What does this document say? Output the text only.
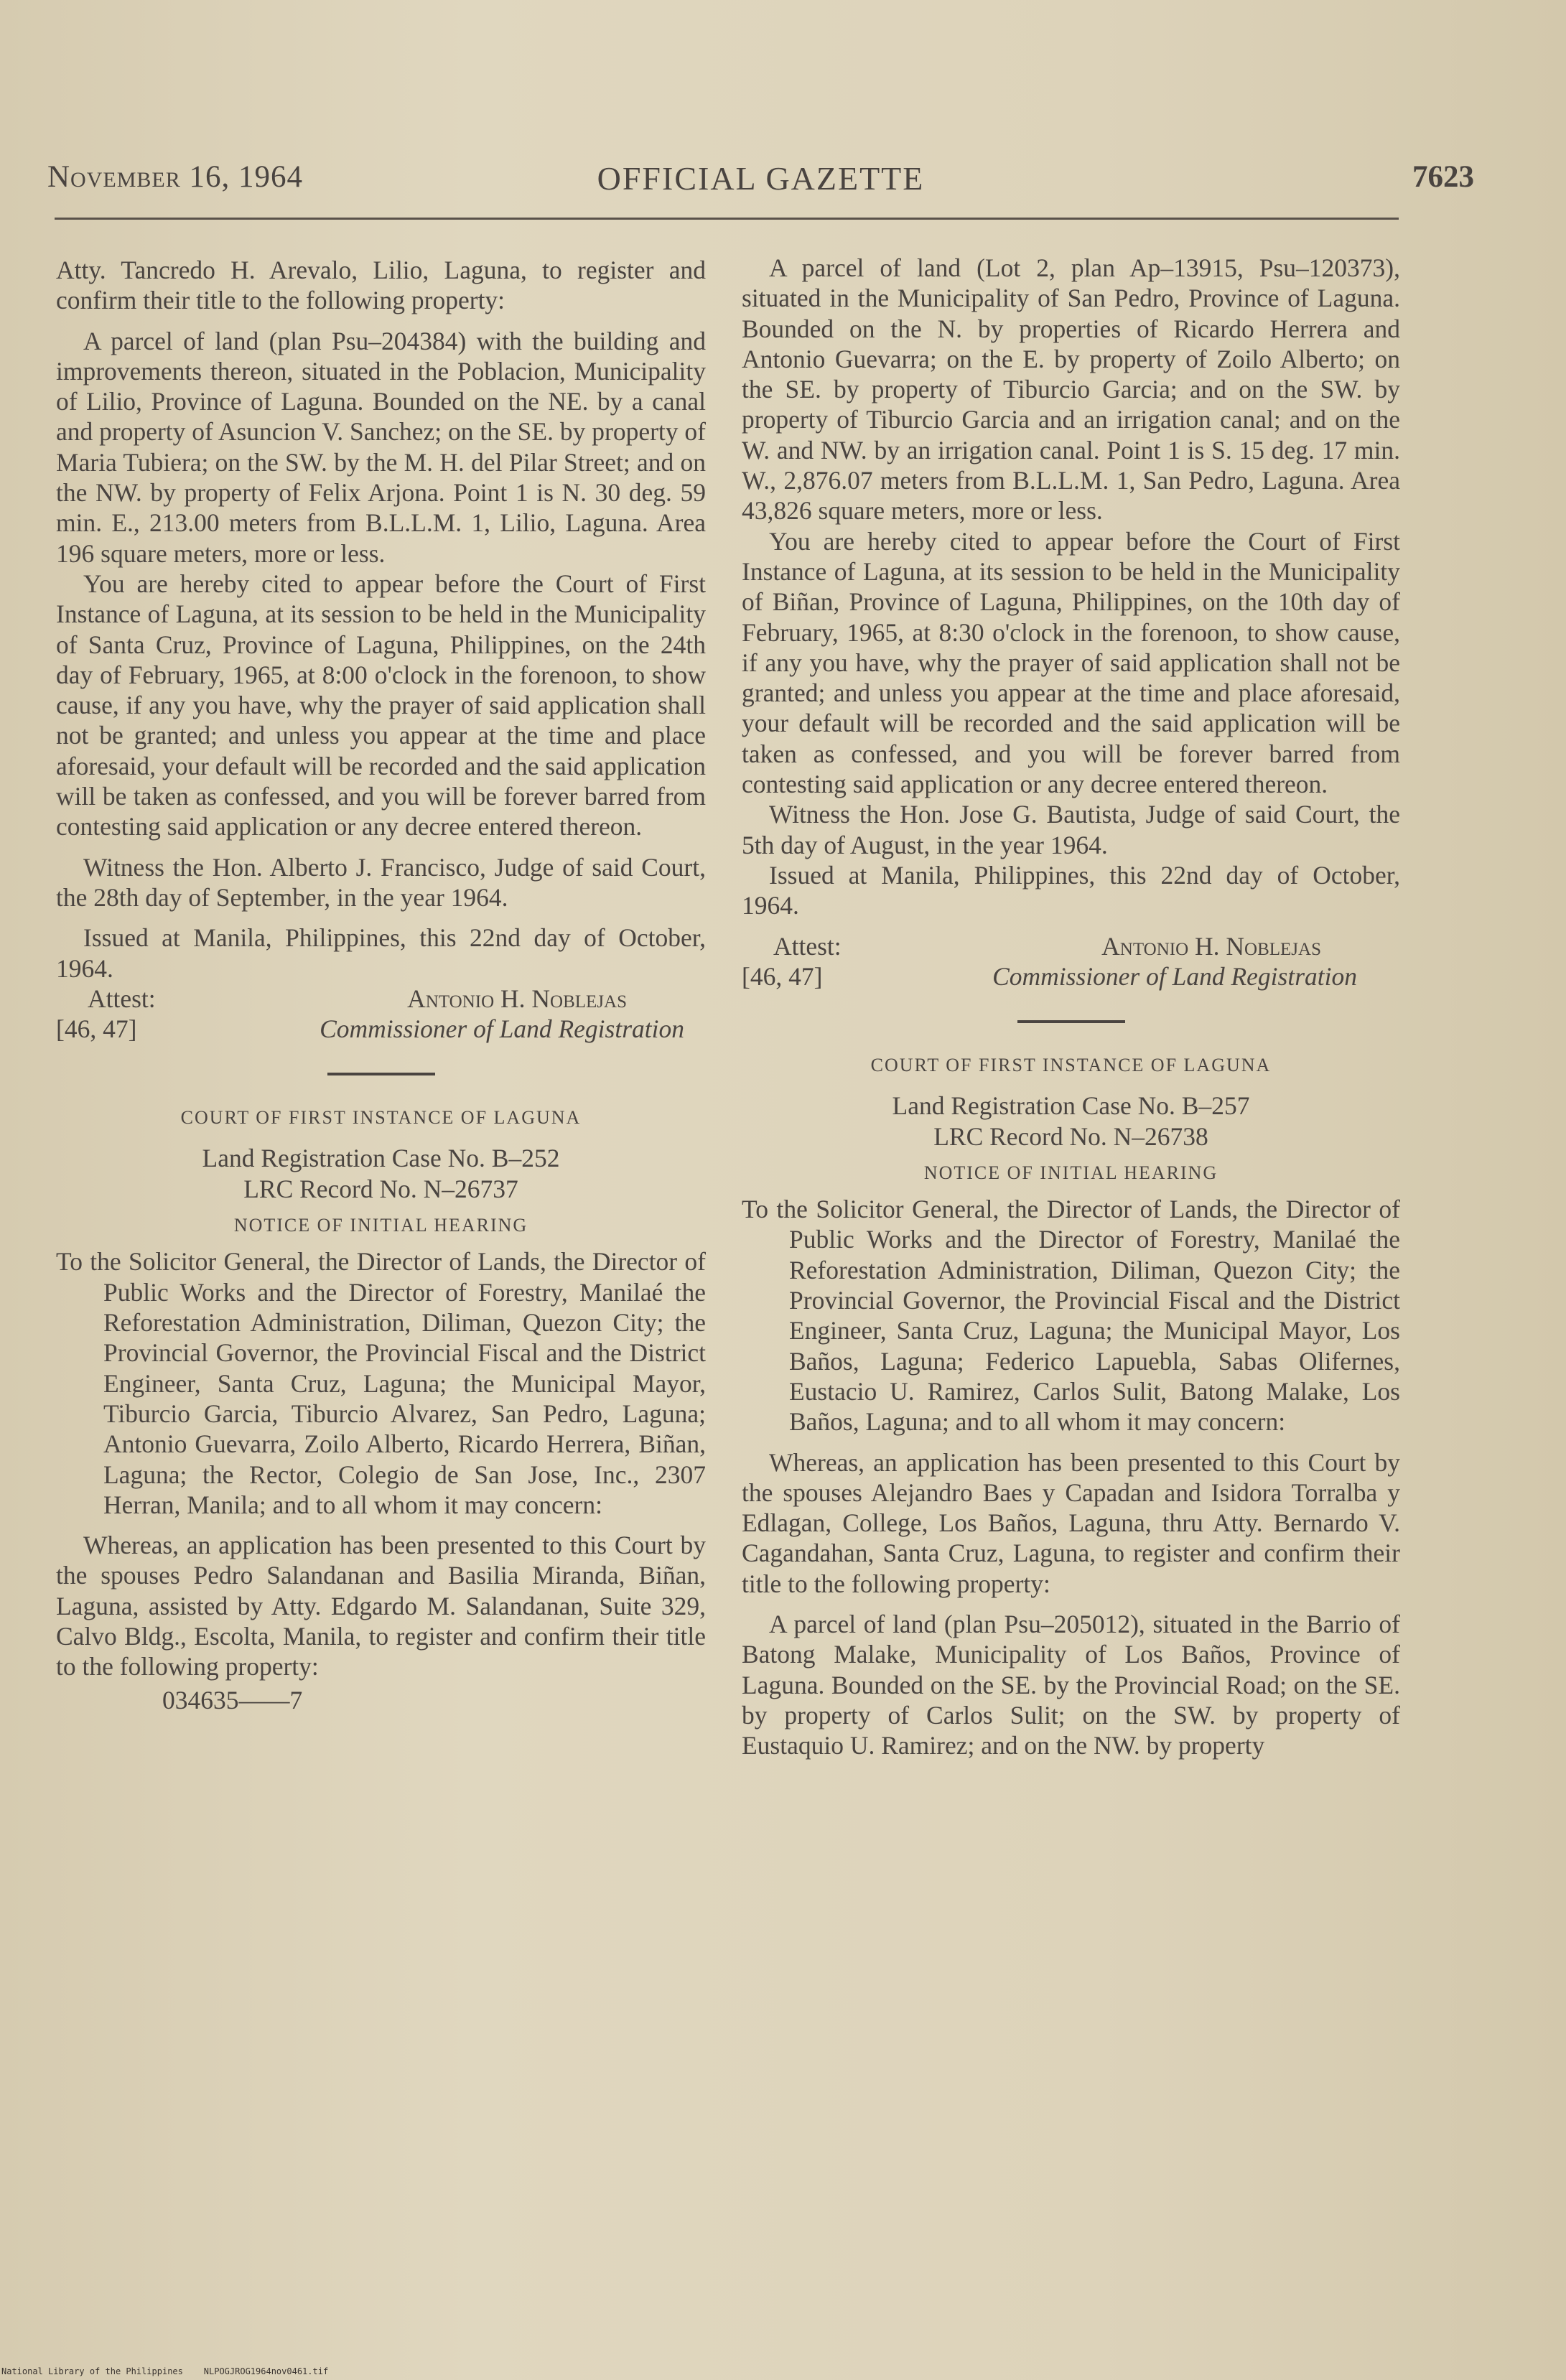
November 16, 1964	OFFICIAL GAZETTE	7623

Atty. Tancredo H. Arevalo, Lilio, Laguna, to register and confirm their title to the following property:

A parcel of land (plan Psu–204384) with the building and improvements thereon, situated in the Poblacion, Municipality of Lilio, Province of Laguna. Bounded on the NE. by a canal and property of Asuncion V. Sanchez; on the SE. by property of Maria Tubiera; on the SW. by the M. H. del Pilar Street; and on the NW. by property of Felix Arjona. Point 1 is N. 30 deg. 59 min. E., 213.00 meters from B.L.L.M. 1, Lilio, Laguna. Area 196 square meters, more or less.

You are hereby cited to appear before the Court of First Instance of Laguna, at its session to be held in the Municipality of Santa Cruz, Province of Laguna, Philippines, on the 24th day of February, 1965, at 8:00 o'clock in the forenoon, to show cause, if any you have, why the prayer of said application shall not be granted; and unless you appear at the time and place aforesaid, your default will be recorded and the said application will be taken as confessed, and you will be forever barred from contesting said application or any decree entered thereon.

Witness the Hon. Alberto J. Francisco, Judge of said Court, the 28th day of September, in the year 1964.

Issued at Manila, Philippines, this 22nd day of October, 1964.

Attest:
[46, 47]
Antonio H. Noblejas
Commissioner of Land Registration

COURT OF FIRST INSTANCE OF LAGUNA

Land Registration Case No. B–252

LRC Record No. N–26737

NOTICE OF INITIAL HEARING

To the Solicitor General, the Director of Lands, the Director of Public Works and the Director of Forestry, Manilaé the Reforestation Administration, Diliman, Quezon City; the Provincial Governor, the Provincial Fiscal and the District Engineer, Santa Cruz, Laguna; the Municipal Mayor, Tiburcio Garcia, Tiburcio Alvarez, San Pedro, Laguna; Antonio Guevarra, Zoilo Alberto, Ricardo Herrera, Biñan, Laguna; the Rector, Colegio de San Jose, Inc., 2307 Herran, Manila; and to all whom it may concern:

Whereas, an application has been presented to this Court by the spouses Pedro Salandanan and Basilia Miranda, Biñan, Laguna, assisted by Atty. Edgardo M. Salandanan, Suite 329, Calvo Bldg., Escolta, Manila, to register and confirm their title to the following property:

034635——7

A parcel of land (Lot 2, plan Ap–13915, Psu–120373), situated in the Municipality of San Pedro, Province of Laguna. Bounded on the N. by properties of Ricardo Herrera and Antonio Guevarra; on the E. by property of Zoilo Alberto; on the SE. by property of Tiburcio Garcia; and on the SW. by property of Tiburcio Garcia and an irrigation canal; and on the W. and NW. by an irrigation canal. Point 1 is S. 15 deg. 17 min. W., 2,876.07 meters from B.L.L.M. 1, San Pedro, Laguna. Area 43,826 square meters, more or less.

You are hereby cited to appear before the Court of First Instance of Laguna, at its session to be held in the Municipality of Biñan, Province of Laguna, Philippines, on the 10th day of February, 1965, at 8:30 o'clock in the forenoon, to show cause, if any you have, why the prayer of said application shall not be granted; and unless you appear at the time and place aforesaid, your default will be recorded and the said application will be taken as confessed, and you will be forever barred from contesting said application or any decree entered thereon.

Witness the Hon. Jose G. Bautista, Judge of said Court, the 5th day of August, in the year 1964.

Issued at Manila, Philippines, this 22nd day of October, 1964.

Attest:
[46, 47]
Antonio H. Noblejas
Commissioner of Land Registration

COURT OF FIRST INSTANCE OF LAGUNA

Land Registration Case No. B–257

LRC Record No. N–26738

NOTICE OF INITIAL HEARING

To the Solicitor General, the Director of Lands, the Director of Public Works and the Director of Forestry, Manilaé the Reforestation Administration, Diliman, Quezon City; the Provincial Governor, the Provincial Fiscal and the District Engineer, Santa Cruz, Laguna; the Municipal Mayor, Los Baños, Laguna; Federico Lapuebla, Sabas Olifernes, Eustacio U. Ramirez, Carlos Sulit, Batong Malake, Los Baños, Laguna; and to all whom it may concern:

Whereas, an application has been presented to this Court by the spouses Alejandro Baes y Capadan and Isidora Torralba y Edlagan, College, Los Baños, Laguna, thru Atty. Bernardo V. Cagandahan, Santa Cruz, Laguna, to register and confirm their title to the following property:

A parcel of land (plan Psu–205012), situated in the Barrio of Batong Malake, Municipality of Los Baños, Province of Laguna. Bounded on the SE. by the Provincial Road; on the SE. by property of Carlos Sulit; on the SW. by property of Eustaquio U. Ramirez; and on the NW. by property

National Library of the Philippines NLPOGJROG1964nov0461.tif
